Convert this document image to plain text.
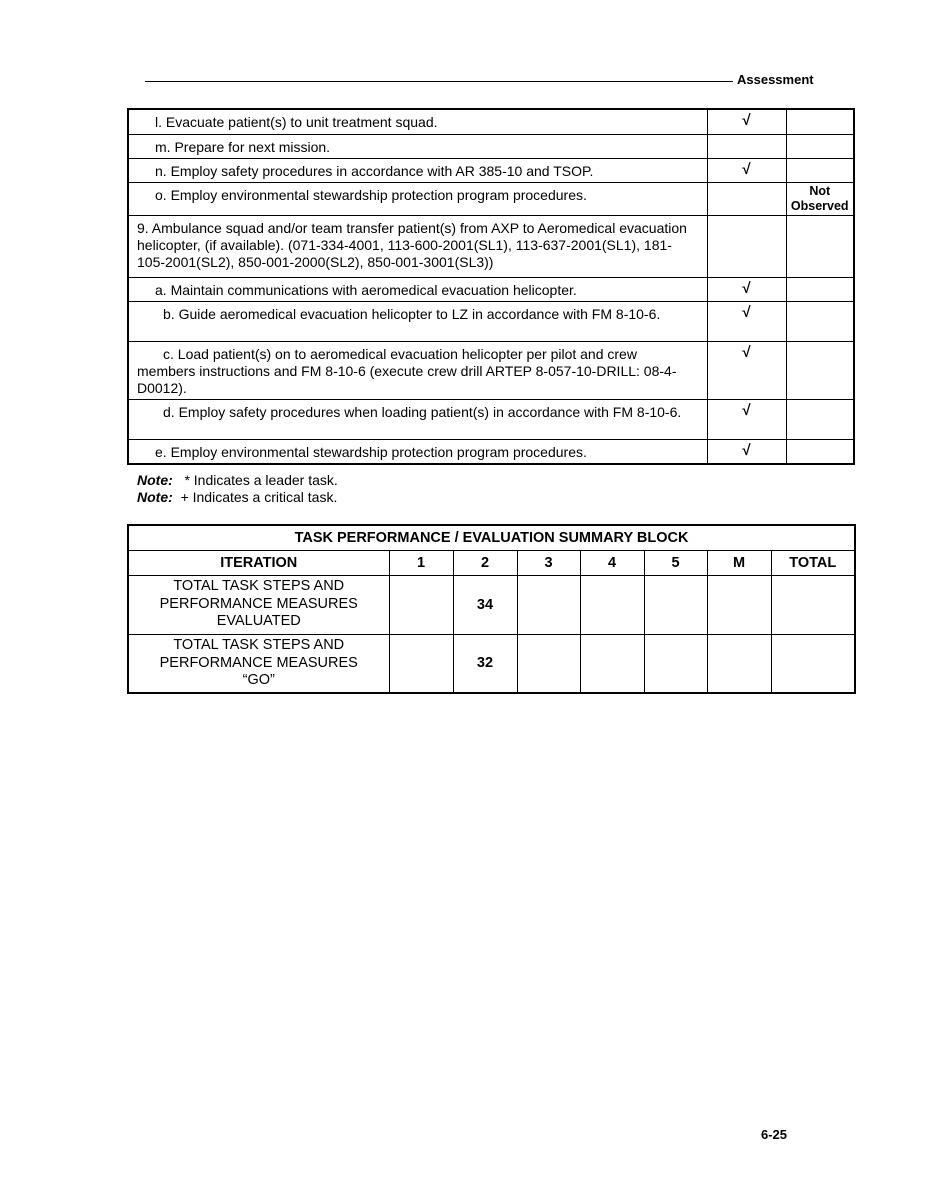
Assessment
l. Evacuate patient(s) to unit treatment squad.	√	
m. Prepare for next mission.		
n. Employ safety procedures in accordance with AR 385-10 and TSOP.	√	
o. Employ environmental stewardship protection program procedures.		Not Observed
9. Ambulance squad and/or team transfer patient(s) from AXP to Aeromedical evacuation helicopter, (if available). (071-334-4001, 113-600-2001(SL1), 113-637-2001(SL1), 181-105-2001(SL2), 850-001-2000(SL2), 850-001-3001(SL3))		
a. Maintain communications with aeromedical evacuation helicopter.	√	
b. Guide aeromedical evacuation helicopter to LZ in accordance with FM 8-10-6.	√	
c. Load patient(s) on to aeromedical evacuation helicopter per pilot and crew members instructions and FM 8-10-6 (execute crew drill ARTEP 8-057-10-DRILL: 08-4-D0012).	√	
d. Employ safety procedures when loading patient(s) in accordance with FM 8-10-6.	√	
e. Employ environmental stewardship protection program procedures.	√	
Note: * Indicates a leader task.
Note: + Indicates a critical task.
TASK PERFORMANCE / EVALUATION SUMMARY BLOCK							
ITERATION	1	2	3	4	5	M	TOTAL

TOTAL TASK STEPS AND
PERFORMANCE MEASURES
EVALUATED		34					

TOTAL TASK STEPS AND
PERFORMANCE MEASURES
“GO”		32					
6-25
